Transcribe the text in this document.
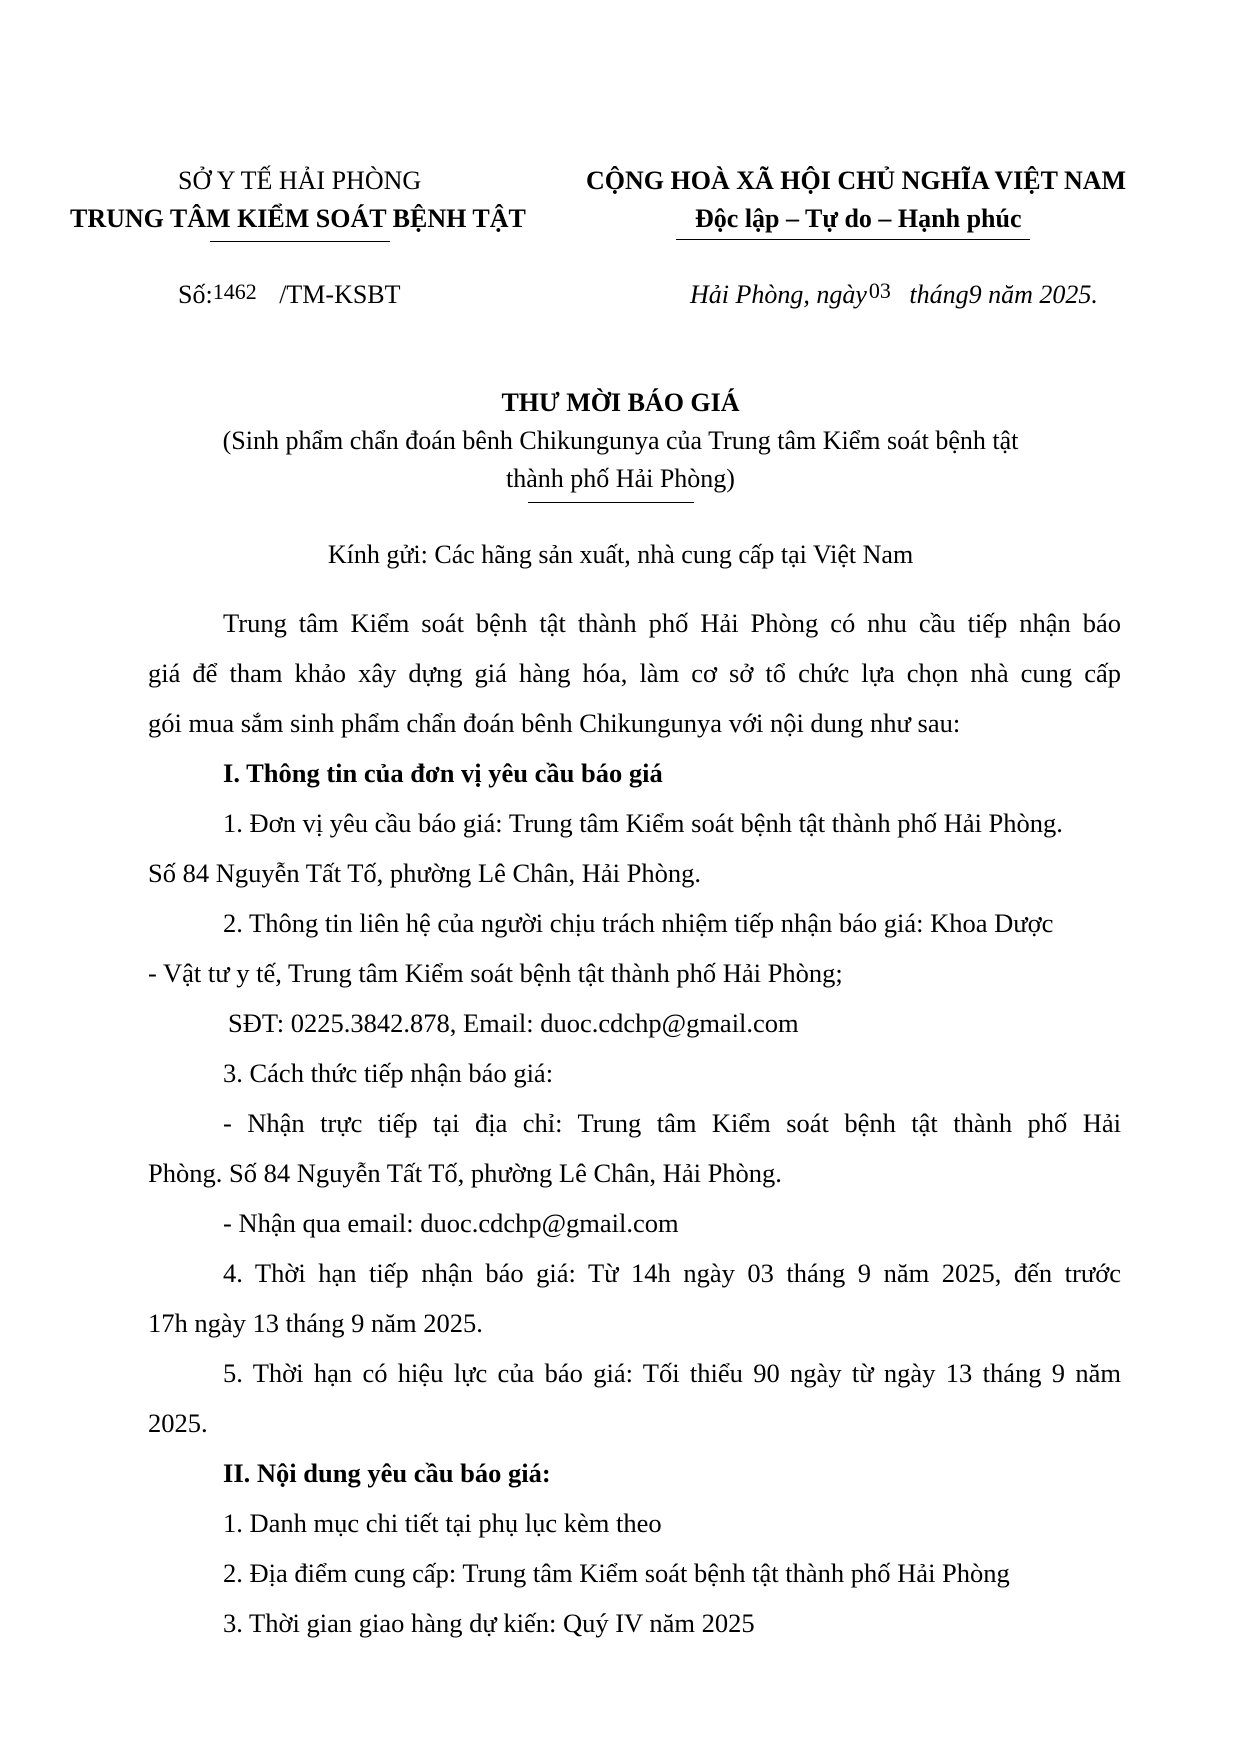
SỞ Y TẾ HẢI PHÒNG
TRUNG TÂM KIỂM SOÁT BỆNH TẬT
CỘNG HOÀ XÃ HỘI CHỦ NGHĨA VIỆT NAM
Độc lập – Tự do – Hạnh phúc
Số:1462 /TM-KSBT	Hải Phòng, ngày03 tháng9 năm 2025.
THƯ MỜI BÁO GIÁ
(Sinh phẩm chẩn đoán bênh Chikungunya của Trung tâm Kiểm soát bệnh tật
thành phố Hải Phòng)
Kính gửi: Các hãng sản xuất, nhà cung cấp tại Việt Nam
Trung tâm Kiểm soát bệnh tật thành phố Hải Phòng có nhu cầu tiếp nhận báo
giá để tham khảo xây dựng giá hàng hóa, làm cơ sở tổ chức lựa chọn nhà cung cấp
gói mua sắm sinh phẩm chẩn đoán bênh Chikungunya với nội dung như sau:
I. Thông tin của đơn vị yêu cầu báo giá
1. Đơn vị yêu cầu báo giá: Trung tâm Kiểm soát bệnh tật thành phố Hải Phòng.
Số 84 Nguyễn Tất Tố, phường Lê Chân, Hải Phòng.
2. Thông tin liên hệ của người chịu trách nhiệm tiếp nhận báo giá: Khoa Dược
- Vật tư y tế, Trung tâm Kiểm soát bệnh tật thành phố Hải Phòng;
SĐT: 0225.3842.878, Email: duoc.cdchp@gmail.com
3. Cách thức tiếp nhận báo giá:
- Nhận trực tiếp tại địa chỉ: Trung tâm Kiểm soát bệnh tật thành phố Hải
Phòng. Số 84 Nguyễn Tất Tố, phường Lê Chân, Hải Phòng.
- Nhận qua email: duoc.cdchp@gmail.com
4. Thời hạn tiếp nhận báo giá: Từ 14h ngày 03 tháng 9 năm 2025, đến trước
17h ngày 13 tháng 9 năm 2025.
5. Thời hạn có hiệu lực của báo giá: Tối thiểu 90 ngày từ ngày 13 tháng 9 năm
2025.
II. Nội dung yêu cầu báo giá:
1. Danh mục chi tiết tại phụ lục kèm theo
2. Địa điểm cung cấp: Trung tâm Kiểm soát bệnh tật thành phố Hải Phòng
3. Thời gian giao hàng dự kiến: Quý IV năm 2025
